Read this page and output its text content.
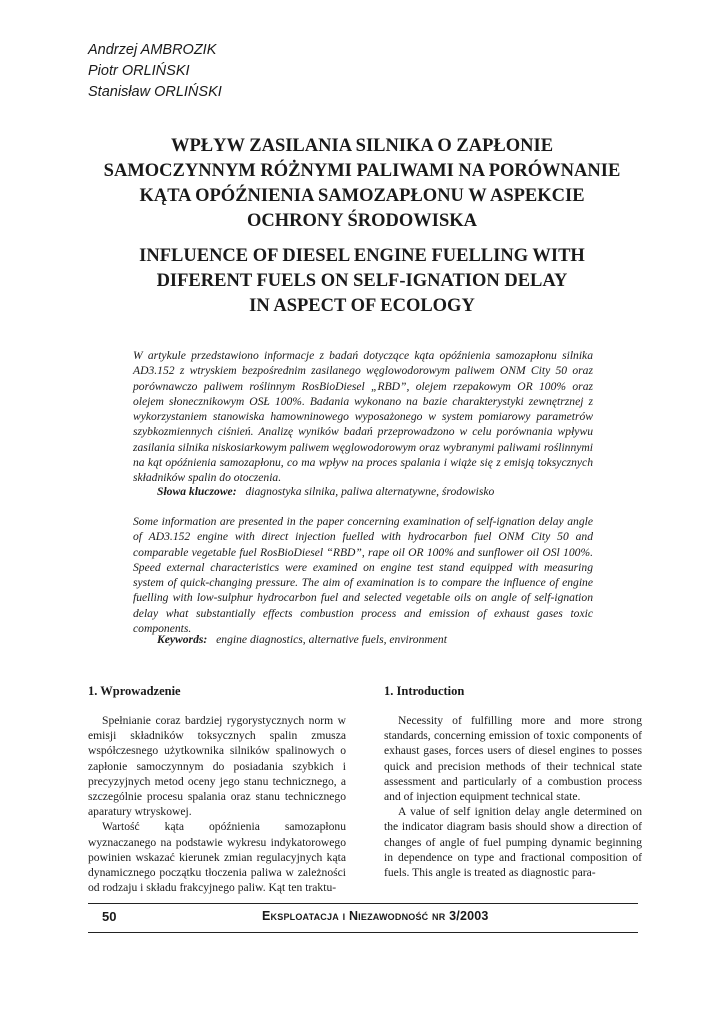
Andrzej AMBROZIK
Piotr ORLIŃSKI
Stanisław ORLIŃSKI
WPŁYW ZASILANIA SILNIKA O ZAPŁONIE
SAMOCZYNNYM RÓŻNYMI PALIWAMI NA PORÓWNANIE
KĄTA OPÓŹNIENIA SAMOZAPŁONU W ASPEKCIE
OCHRONY ŚRODOWISKA
INFLUENCE OF DIESEL ENGINE FUELLING WITH
DIFERENT FUELS ON SELF-IGNATION DELAY
IN ASPECT OF ECOLOGY
W artykule przedstawiono informacje z badań dotyczące kąta opóźnienia samozapłonu silnika AD3.152 z wtryskiem bezpośrednim zasilanego węglowodorowym paliwem ONM City 50 oraz porównawczo paliwem roślinnym RosBioDiesel „RBD”, olejem rzepakowym OR 100% oraz olejem słonecznikowym OSŁ 100%. Badania wykonano na bazie charakterystyki zewnętrznej z wykorzystaniem stanowiska hamowninowego wyposażonego w system pomiarowy parametrów szybkozmiennych ciśnień. Analizę wyników badań przeprowadzono w celu porównania wpływu zasilania silnika niskosiarkowym paliwem węglowodorowym oraz wybranymi paliwami roślinnymi na kąt opóźnienia samozapłonu, co ma wpływ na proces spalania i wiąże się z emisją toksycznych składników spalin do otoczenia.
Słowa kluczowe: diagnostyka silnika, paliwa alternatywne, środowisko
Some information are presented in the paper concerning examination of self-ignation delay angle of AD3.152 engine with direct injection fuelled with hydrocarbon fuel ONM City 50 and comparable vegetable fuel RosBioDiesel “RBD”, rape oil OR 100% and sunflower oil OSl 100%. Speed external characteristics were examined on engine test stand equipped with measuring system of quick-changing pressure. The aim of examination is to compare the influence of engine fuelling with low-sulphur hydrocarbon fuel and selected vegetable oils on angle of self-ignation delay what substantially effects combustion process and emission of exhaust gases toxic components.
Keywords: engine diagnostics, alternative fuels, environment
1. Wprowadzenie

Spełnianie coraz bardziej rygorystycznych norm w emisji składników toksycznych spalin zmusza współczesnego użytkownika silników spalinowych o zapłonie samoczynnym do posiadania szybkich i precyzyjnych metod oceny jego stanu technicznego, a szczególnie procesu spalania oraz stanu technicznego aparatury wtryskowej.

Wartość kąta opóźnienia samozapłonu wyznaczanego na podstawie wykresu indykatorowego powinien wskazać kierunek zmian regulacyjnych kąta dynamicznego początku tłoczenia paliwa w zależności od rodzaju i składu frakcyjnego paliw. Kąt ten traktu-

1. Introduction

Necessity of fulfilling more and more strong standards, concerning emission of toxic components of exhaust gases, forces users of diesel engines to posses quick and precision methods of their technical state assessment and particularly of a combustion process and of injection equipment technical state.

A value of self ignition delay angle determined on the indicator diagram basis should show a direction of changes of angle of fuel pumping dynamic beginning in dependence on type and fractional composition of fuels. This angle is treated as diagnostic para-

50	Eksploatacja i Niezawodność nr 3/2003
